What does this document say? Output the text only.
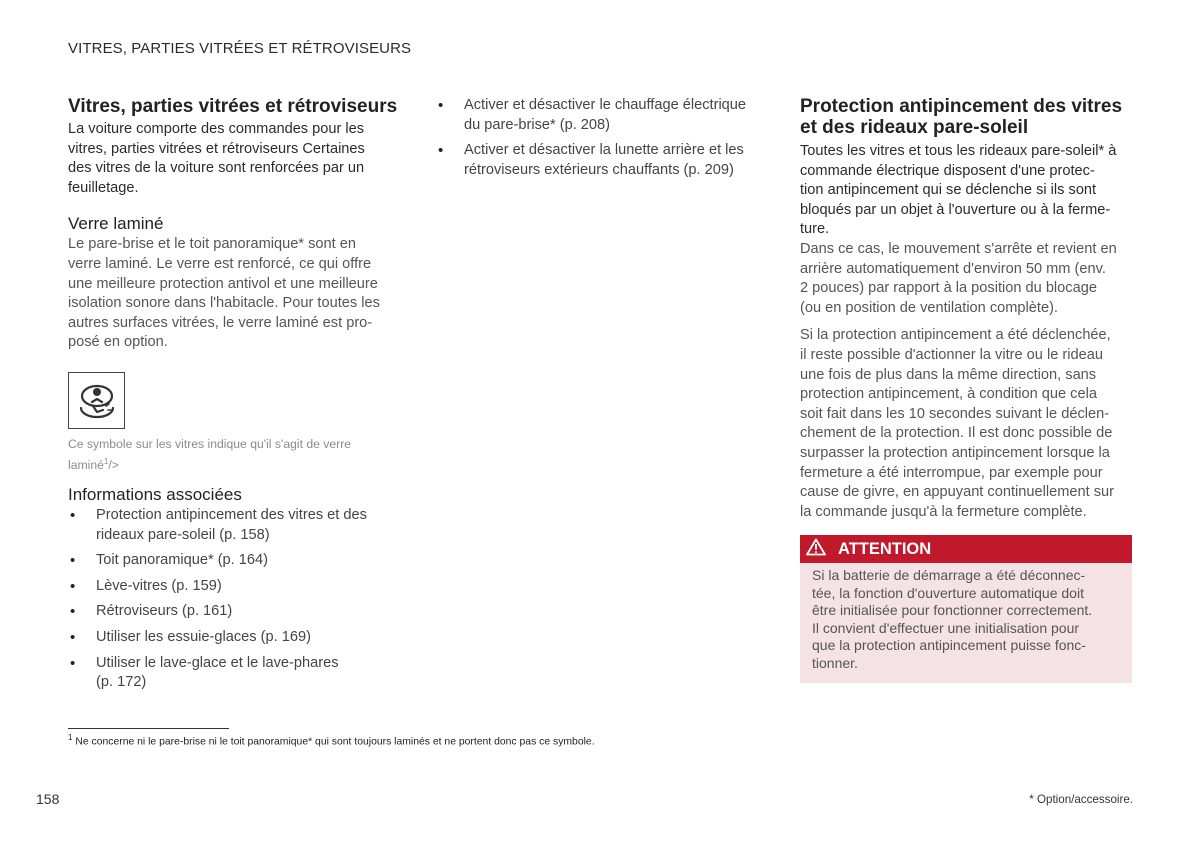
VITRES, PARTIES VITRÉES ET RÉTROVISEURS
Vitres, parties vitrées et rétroviseurs

La voiture comporte des commandes pour les

vitres, parties vitrées et rétroviseurs Certaines

des vitres de la voiture sont renforcées par un

feuilletage.

Verre laminé

Le pare-brise et le toit panoramique* sont en

verre laminé. Le verre est renforcé, ce qui offre

une meilleure protection antivol et une meilleure

isolation sonore dans l'habitacle. Pour toutes les

autres surfaces vitrées, le verre laminé est pro-

posé en option.

Ce symbole sur les vitres indique qu'il s'agit de verre
laminé$^1$/>
Informations associées
• Protection antipincement des vitres et des
rideaux pare-soleil (p. 158)
• Toit panoramique* (p. 164)
• Lève-vitres (p. 159)
• Rétroviseurs (p. 161)
• Utiliser les essuie-glaces (p. 169)
• Utiliser le lave-glace et le lave-phares
(p. 172)
• Activer et désactiver le chauffage électrique
du pare-brise* (p. 208)
• Activer et désactiver la lunette arrière et les
rétroviseurs extérieurs chauffants (p. 209)
Protection antipincement des vitres
et des rideaux pare-soleil

Toutes les vitres et tous les rideaux pare-soleil* à

commande électrique disposent d'une protec-

tion antipincement qui se déclenche si ils sont

bloqués par un objet à l'ouverture ou à la ferme-

ture.

Dans ce cas, le mouvement s'arrête et revient en

arrière automatiquement d'environ 50 mm (env.

2 pouces) par rapport à la position du blocage

(ou en position de ventilation complète).

Si la protection antipincement a été déclenchée,

il reste possible d'actionner la vitre ou le rideau

une fois de plus dans la même direction, sans

protection antipincement, à condition que cela

soit fait dans les 10 secondes suivant le déclen-

chement de la protection. Il est donc possible de

surpasser la protection antipincement lorsque la

fermeture a été interrompue, par exemple pour

cause de givre, en appuyant continuellement sur

la commande jusqu'à la fermeture complète.

ATTENTION
Si la batterie de démarrage a été déconnec-
tée, la fonction d'ouverture automatique doit
être initialisée pour fonctionner correctement.
Il convient d'effectuer une initialisation pour
que la protection antipincement puisse fonc-
tionner.
$^1$ Ne concerne ni le pare-brise ni le toit panoramique* qui sont toujours laminés et ne portent donc pas ce symbole.
158	* Option/accessoire.
